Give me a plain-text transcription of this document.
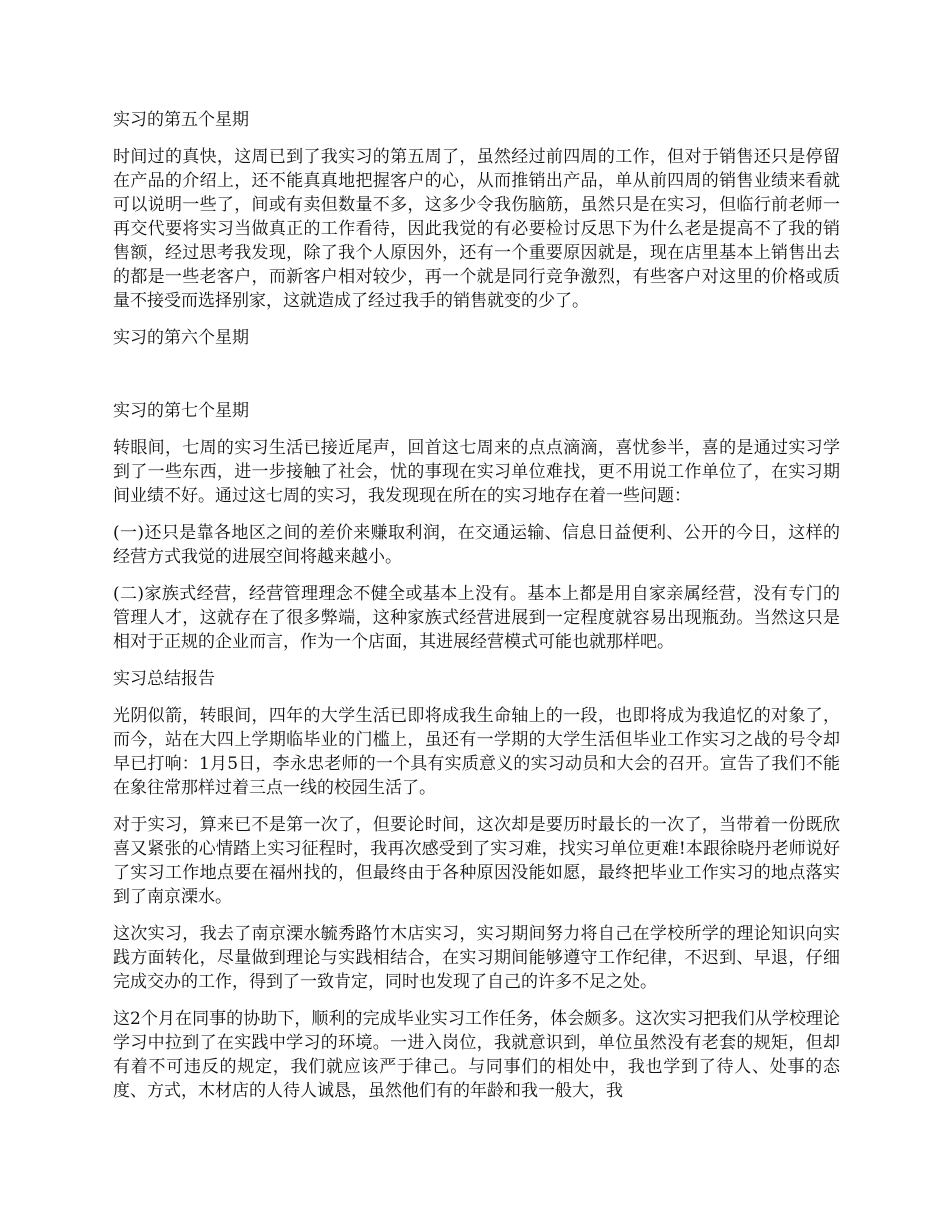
实习的第五个星期

时间过的真快，这周已到了我实习的第五周了，虽然经过前四周的工作，但对于销售还只是停留在产品的介绍上，还不能真真地把握客户的心，从而推销出产品，单从前四周的销售业绩来看就可以说明一些了，间或有卖但数量不多，这多少令我伤脑筋，虽然只是在实习，但临行前老师一再交代要将实习当做真正的工作看待，因此我觉的有必要检讨反思下为什么老是提高不了我的销售额，经过思考我发现，除了我个人原因外，还有一个重要原因就是，现在店里基本上销售出去的都是一些老客户，而新客户相对较少，再一个就是同行竞争激烈，有些客户对这里的价格或质量不接受而选择别家，这就造成了经过我手的销售就变的少了。

实习的第六个星期

实习的第七个星期

转眼间，七周的实习生活已接近尾声，回首这七周来的点点滴滴，喜忧参半，喜的是通过实习学到了一些东西，进一步接触了社会，忧的事现在实习单位难找，更不用说工作单位了，在实习期间业绩不好。通过这七周的实习，我发现现在所在的实习地存在着一些问题：

(一)还只是靠各地区之间的差价来赚取利润，在交通运输、信息日益便利、公开的今日，这样的经营方式我觉的进展空间将越来越小。

(二)家族式经营，经营管理理念不健全或基本上没有。基本上都是用自家亲属经营，没有专门的管理人才，这就存在了很多弊端，这种家族式经营进展到一定程度就容易出现瓶劲。当然这只是相对于正规的企业而言，作为一个店面，其进展经营模式可能也就那样吧。

实习总结报告

光阴似箭，转眼间，四年的大学生活已即将成我生命轴上的一段，也即将成为我追忆的对象了，而今，站在大四上学期临毕业的门槛上，虽还有一学期的大学生活但毕业工作实习之战的号令却早已打响：1月5日，李永忠老师的一个具有实质意义的实习动员和大会的召开。宣告了我们不能在象往常那样过着三点一线的校园生活了。

对于实习，算来已不是第一次了，但要论时间，这次却是要历时最长的一次了，当带着一份既欣喜又紧张的心情踏上实习征程时，我再次感受到了实习难，找实习单位更难!本跟徐晓丹老师说好了实习工作地点要在福州找的，但最终由于各种原因没能如愿，最终把毕业工作实习的地点落实到了南京溧水。

这次实习，我去了南京溧水毓秀路竹木店实习，实习期间努力将自己在学校所学的理论知识向实践方面转化，尽量做到理论与实践相结合，在实习期间能够遵守工作纪律，不迟到、早退，仔细完成交办的工作，得到了一致肯定，同时也发现了自己的许多不足之处。

这2个月在同事的协助下，顺利的完成毕业实习工作任务，体会颇多。这次实习把我们从学校理论学习中拉到了在实践中学习的环境。一进入岗位，我就意识到，单位虽然没有老套的规矩，但却有着不可违反的规定，我们就应该严于律己。与同事们的相处中，我也学到了待人、处事的态度、方式，木材店的人待人诚恳，虽然他们有的年龄和我一般大，我
